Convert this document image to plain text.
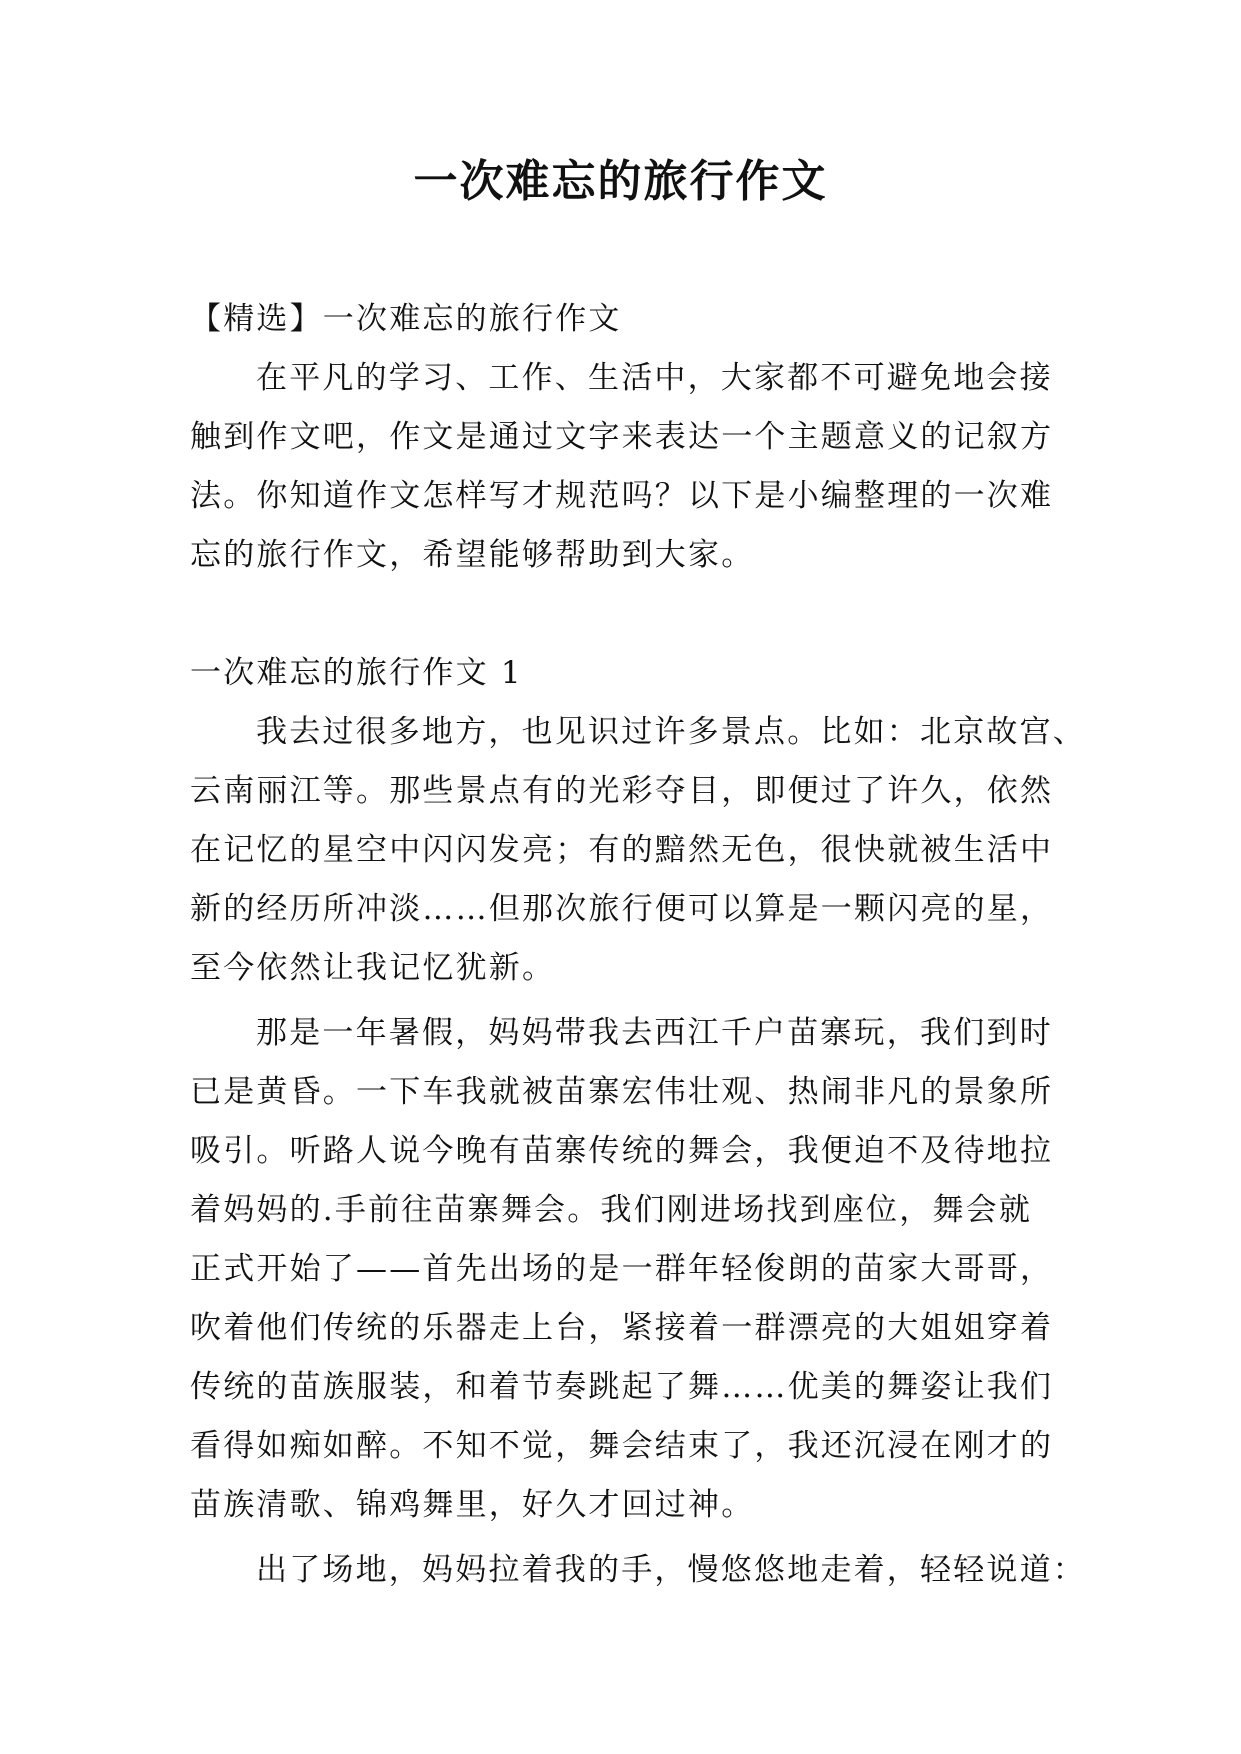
一次难忘的旅行作文
【精选】一次难忘的旅行作文
在平凡的学习、工作、生活中，大家都不可避免地会接
触到作文吧，作文是通过文字来表达一个主题意义的记叙方
法。你知道作文怎样写才规范吗？以下是小编整理的一次难
忘的旅行作文，希望能够帮助到大家。
一次难忘的旅行作文 1
我去过很多地方，也见识过许多景点。比如：北京故宫、
云南丽江等。那些景点有的光彩夺目，即便过了许久，依然
在记忆的星空中闪闪发亮；有的黯然无色，很快就被生活中
新的经历所冲淡……但那次旅行便可以算是一颗闪亮的星，
至今依然让我记忆犹新。
那是一年暑假，妈妈带我去西江千户苗寨玩，我们到时
已是黄昏。一下车我就被苗寨宏伟壮观、热闹非凡的景象所
吸引。听路人说今晚有苗寨传统的舞会，我便迫不及待地拉
着妈妈的.手前往苗寨舞会。我们刚进场找到座位，舞会就
正式开始了——首先出场的是一群年轻俊朗的苗家大哥哥，
吹着他们传统的乐器走上台，紧接着一群漂亮的大姐姐穿着
传统的苗族服装，和着节奏跳起了舞……优美的舞姿让我们
看得如痴如醉。不知不觉，舞会结束了，我还沉浸在刚才的
苗族清歌、锦鸡舞里，好久才回过神。
出了场地，妈妈拉着我的手，慢悠悠地走着，轻轻说道：
